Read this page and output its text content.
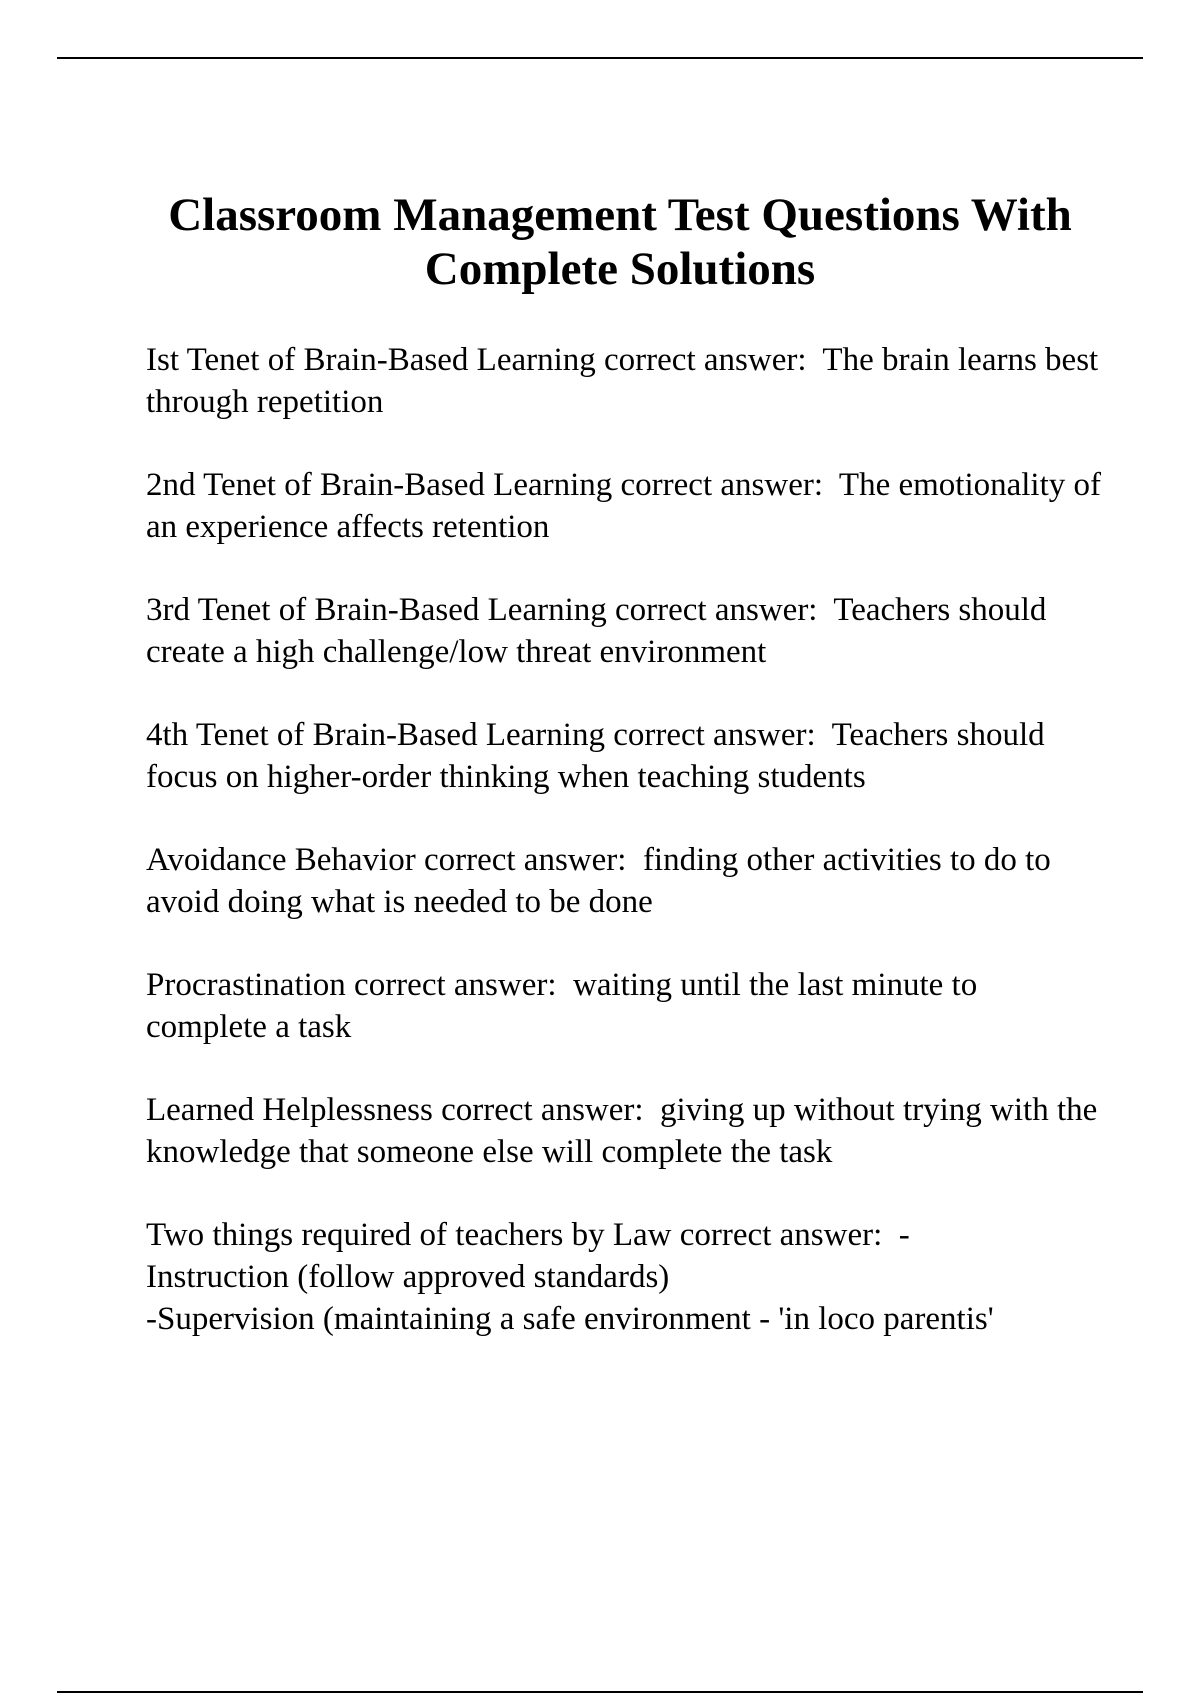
Classroom Management Test Questions With
Complete Solutions
Ist Tenet of Brain-Based Learning correct answer:  The brain learns best through repetition
2nd Tenet of Brain-Based Learning correct answer:  The emotionality of an experience affects retention
3rd Tenet of Brain-Based Learning correct answer:  Teachers should create a high challenge/low threat environment
4th Tenet of Brain-Based Learning correct answer:  Teachers should focus on higher-order thinking when teaching students
Avoidance Behavior correct answer:  finding other activities to do to avoid doing what is needed to be done
Procrastination correct answer:  waiting until the last minute to complete a task
Learned Helplessness correct answer:  giving up without trying with the knowledge that someone else will complete the task
Two things required of teachers by Law correct answer:  -
Instruction (follow approved standards)
-Supervision (maintaining a safe environment - 'in loco parentis'
